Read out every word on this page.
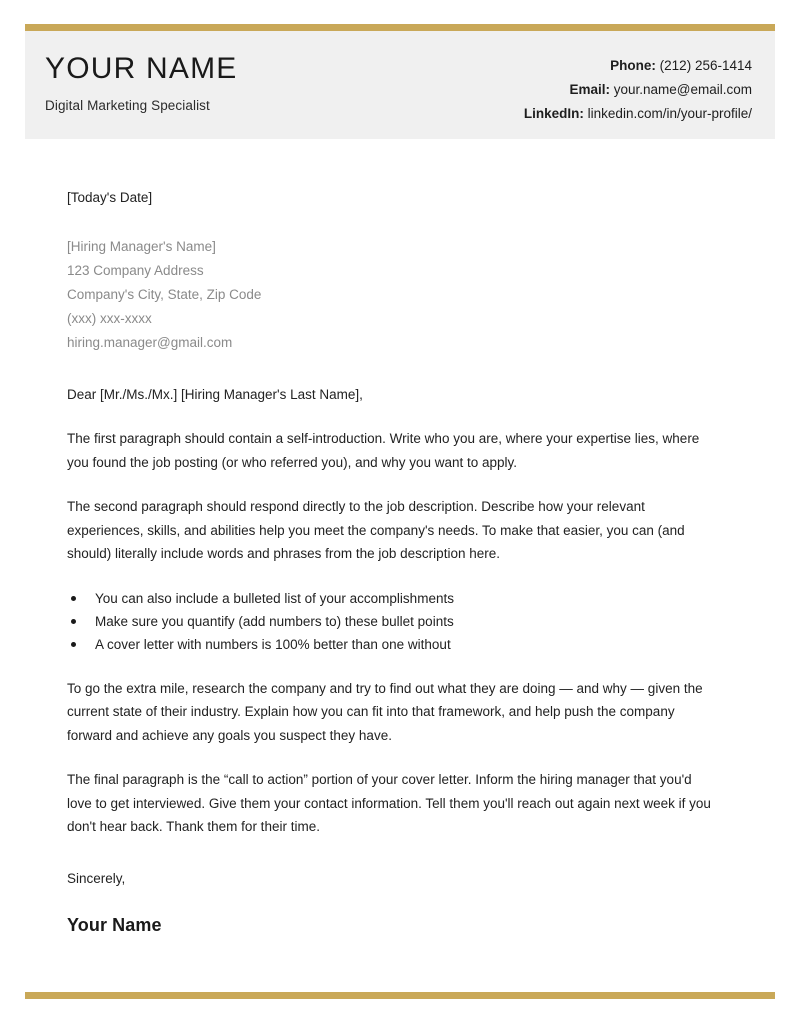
YOUR NAME
Digital Marketing Specialist
Phone: (212) 256-1414
Email: your.name@email.com
LinkedIn: linkedin.com/in/your-profile/
[Today's Date]
[Hiring Manager's Name]
123 Company Address
Company's City, State, Zip Code
(xxx) xxx-xxxx
hiring.manager@gmail.com
Dear [Mr./Ms./Mx.] [Hiring Manager's Last Name],

The first paragraph should contain a self-introduction. Write who you are, where your expertise lies, where you found the job posting (or who referred you), and why you want to apply.

The second paragraph should respond directly to the job description. Describe how your relevant experiences, skills, and abilities help you meet the company's needs. To make that easier, you can (and should) literally include words and phrases from the job description here.

You can also include a bulleted list of your accomplishments
Make sure you quantify (add numbers to) these bullet points
A cover letter with numbers is 100% better than one without

To go the extra mile, research the company and try to find out what they are doing — and why — given the current state of their industry. Explain how you can fit into that framework, and help push the company forward and achieve any goals you suspect they have.

The final paragraph is the “call to action” portion of your cover letter. Inform the hiring manager that you'd love to get interviewed. Give them your contact information. Tell them you'll reach out again next week if you don't hear back. Thank them for their time.

Sincerely,
Your Name
